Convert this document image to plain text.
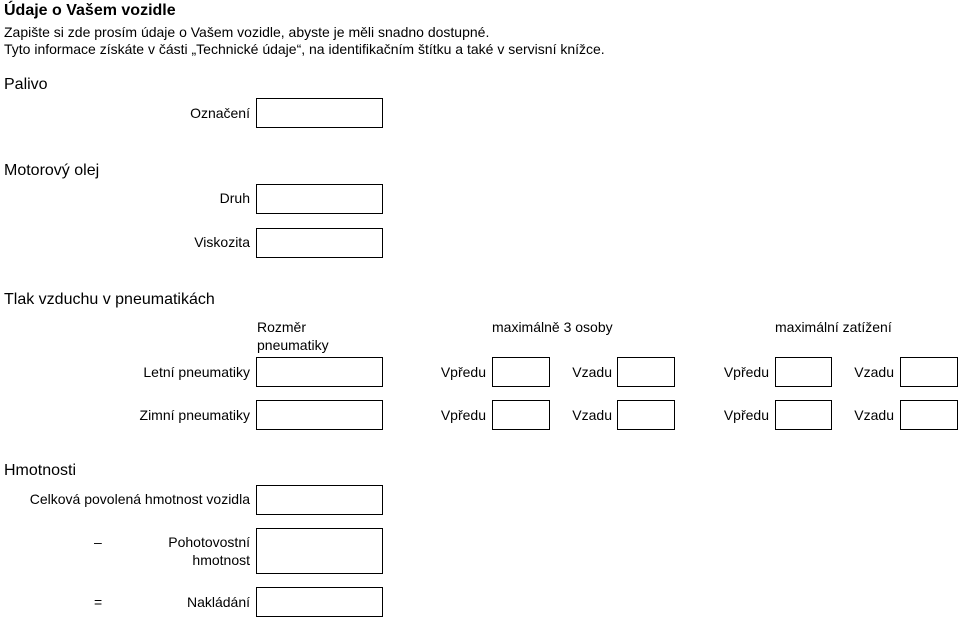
Údaje o Vašem vozidle
Zapište si zde prosím údaje o Vašem vozidle, abyste je měli snadno dostupné.
Tyto informace získáte v části „Technické údaje“, na identifikačním štítku a také v servisní knížce.
Palivo
Označení
Motorový olej
Druh
Viskozita
Tlak vzduchu v pneumatikách
Rozměr
pneumatiky
maximálně 3 osoby	maximální zatížení
Letní pneumatiky	Vpředu	Vzadu	Vpředu	Vzadu
Zimní pneumatiky	Vpředu	Vzadu	Vpředu	Vzadu
Hmotnosti
Celková povolená hmotnost vozidla
–	Pohotovostní
hmotnost
=	Nakládání
